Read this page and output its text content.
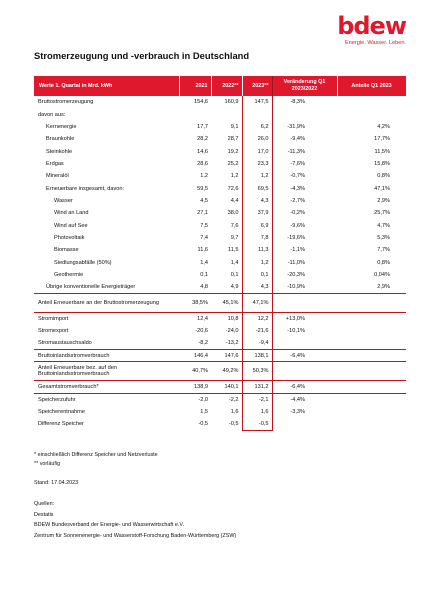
bdew
Energie. Wasser. Leben.
Stromerzeugung und -verbrauch in Deutschland
Werte 1. Quartal in Mrd. kWh	2021	2022**	2023**	Veränderung Q1 2023/2022	Anteile Q1 2023
Bruttostromerzeugung	154,6	160,9	147,5	-8,3%	
davon aus:					
Kernenergie	17,7	9,1	6,2	-31,9%	4,2%
Braunkohle	28,2	28,7	26,0	-9,4%	17,7%
Steinkohle	14,6	19,2	17,0	-11,3%	11,5%
Erdgas	28,6	25,2	23,3	-7,6%	15,8%
Mineralöl	1,2	1,2	1,2	-0,7%	0,8%
Erneuerbare insgesamt, davon:	59,5	72,6	69,5	-4,3%	47,1%
Wasser	4,5	4,4	4,3	-2,7%	2,9%
Wind an Land	27,1	38,0	37,9	-0,2%	25,7%
Wind auf See	7,5	7,6	6,9	-9,6%	4,7%
Photovoltaik	7,4	9,7	7,8	-19,6%	5,3%
Biomasse	11,6	11,5	11,3	-1,1%	7,7%
Siedlungsabfälle (50%)	1,4	1,4	1,2	-11,0%	0,8%
Geothermie	0,1	0,1	0,1	-20,3%	0,04%
Übrige konventionelle Energieträger	4,8	4,9	4,3	-10,9%	2,9%
Anteil Erneuerbare an der Bruttostromerzeugung	38,5%	45,1%	47,1%		
Stromimport	12,4	10,8	12,2	+13,0%	
Stromexport	-20,6	-24,0	-21,6	-10,1%	
Stromaustauschsaldo	-8,2	-13,2	-9,4		
Bruttoinlandsstromverbrauch	146,4	147,6	138,1	-6,4%	
Anteil Erneuerbare bez. auf den Bruttoinlandsstromverbrauch	40,7%	49,2%	50,3%		
Gesamtstromverbrauch*	138,9	140,1	131,2	-6,4%	
Speicherzufuhr	-2,0	-2,2	-2,1	-4,4%	
Speicherentnahme	1,5	1,6	1,6	-3,3%	
Differenz Speicher	-0,5	-0,5	-0,5		
* einschließlich Differenz Speicher und Netzverluste
** vorläufig
Stand: 17.04.2023
Quellen:
Destatis
BDEW Bundesverband der Energie- und Wasserwirtschaft e.V.
Zentrum für Sonnenenergie- und Wasserstoff-Forschung Baden-Württemberg (ZSW)
